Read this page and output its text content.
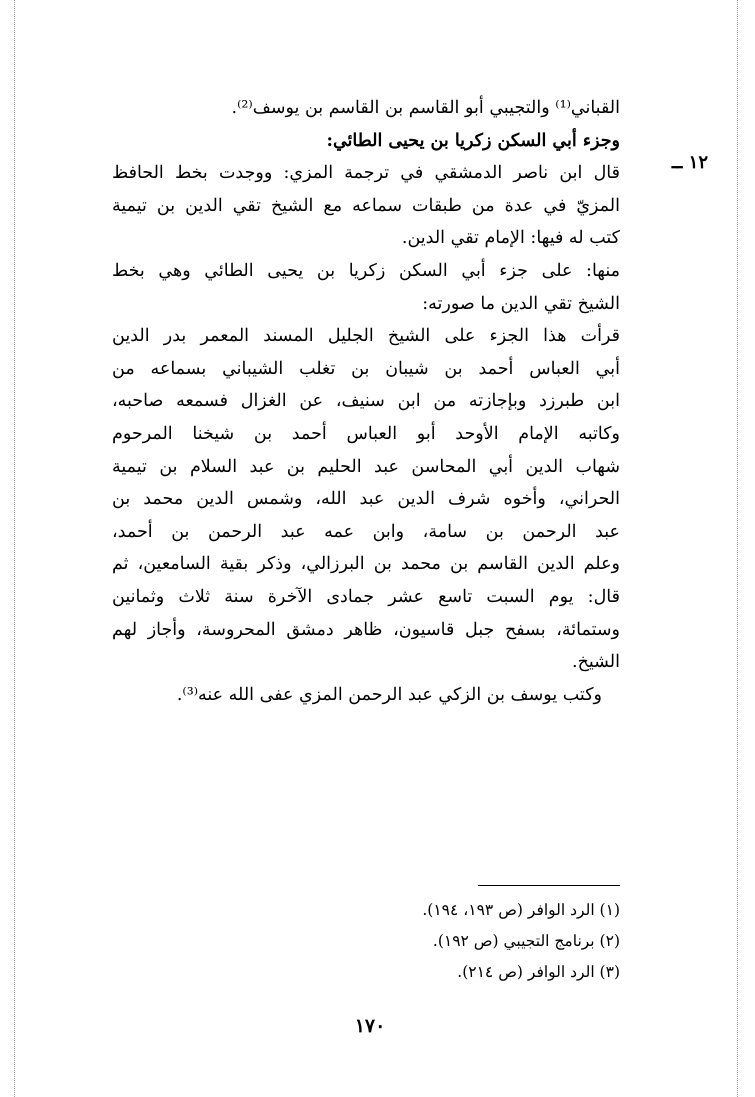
١٢ ــ
القباني⁽¹⁾ والتجيبي أبو القاسم بن القاسم بن يوسف⁽²⁾.
وجزء أبي السكن زكريا بن يحيى الطائي:
قال ابن ناصر الدمشقي في ترجمة المزي: ووجدت بخط الحافظ
المزيّ في عدة من طبقات سماعه مع الشيخ تقي الدين بن تيمية
كتب له فيها: الإمام تقي الدين.
منها: على جزء أبي السكن زكريا بن يحيى الطائي وهي بخط
الشيخ تقي الدين ما صورته:
قرأت هذا الجزء على الشيخ الجليل المسند المعمر بدر الدين
أبي العباس أحمد بن شيبان بن تغلب الشيباني بسماعه من
ابن طبرزد وبإجازته من ابن سنيف، عن الغزال فسمعه صاحبه،
وكاتبه الإمام الأوحد أبو العباس أحمد بن شيخنا المرحوم
شهاب الدين أبي المحاسن عبد الحليم بن عبد السلام بن تيمية
الحراني، وأخوه شرف الدين عبد الله، وشمس الدين محمد بن
عبد الرحمن بن سامة، وابن عمه عبد الرحمن بن أحمد،
وعلم الدين القاسم بن محمد بن البرزالي، وذكر بقية السامعين، ثم
قال: يوم السبت تاسع عشر جمادى الآخرة سنة ثلاث وثمانين
وستمائة، بسفح جبل قاسيون، ظاهر دمشق المحروسة، وأجاز لهم
الشيخ.
وكتب يوسف بن الزكي عبد الرحمن المزي عفى الله عنه⁽³⁾.
(١) الرد الوافر (ص ١٩٣، ١٩٤).
(٢) برنامج التجيبي (ص ١٩٢).
(٣) الرد الوافر (ص ٢١٤).
١٧٠
